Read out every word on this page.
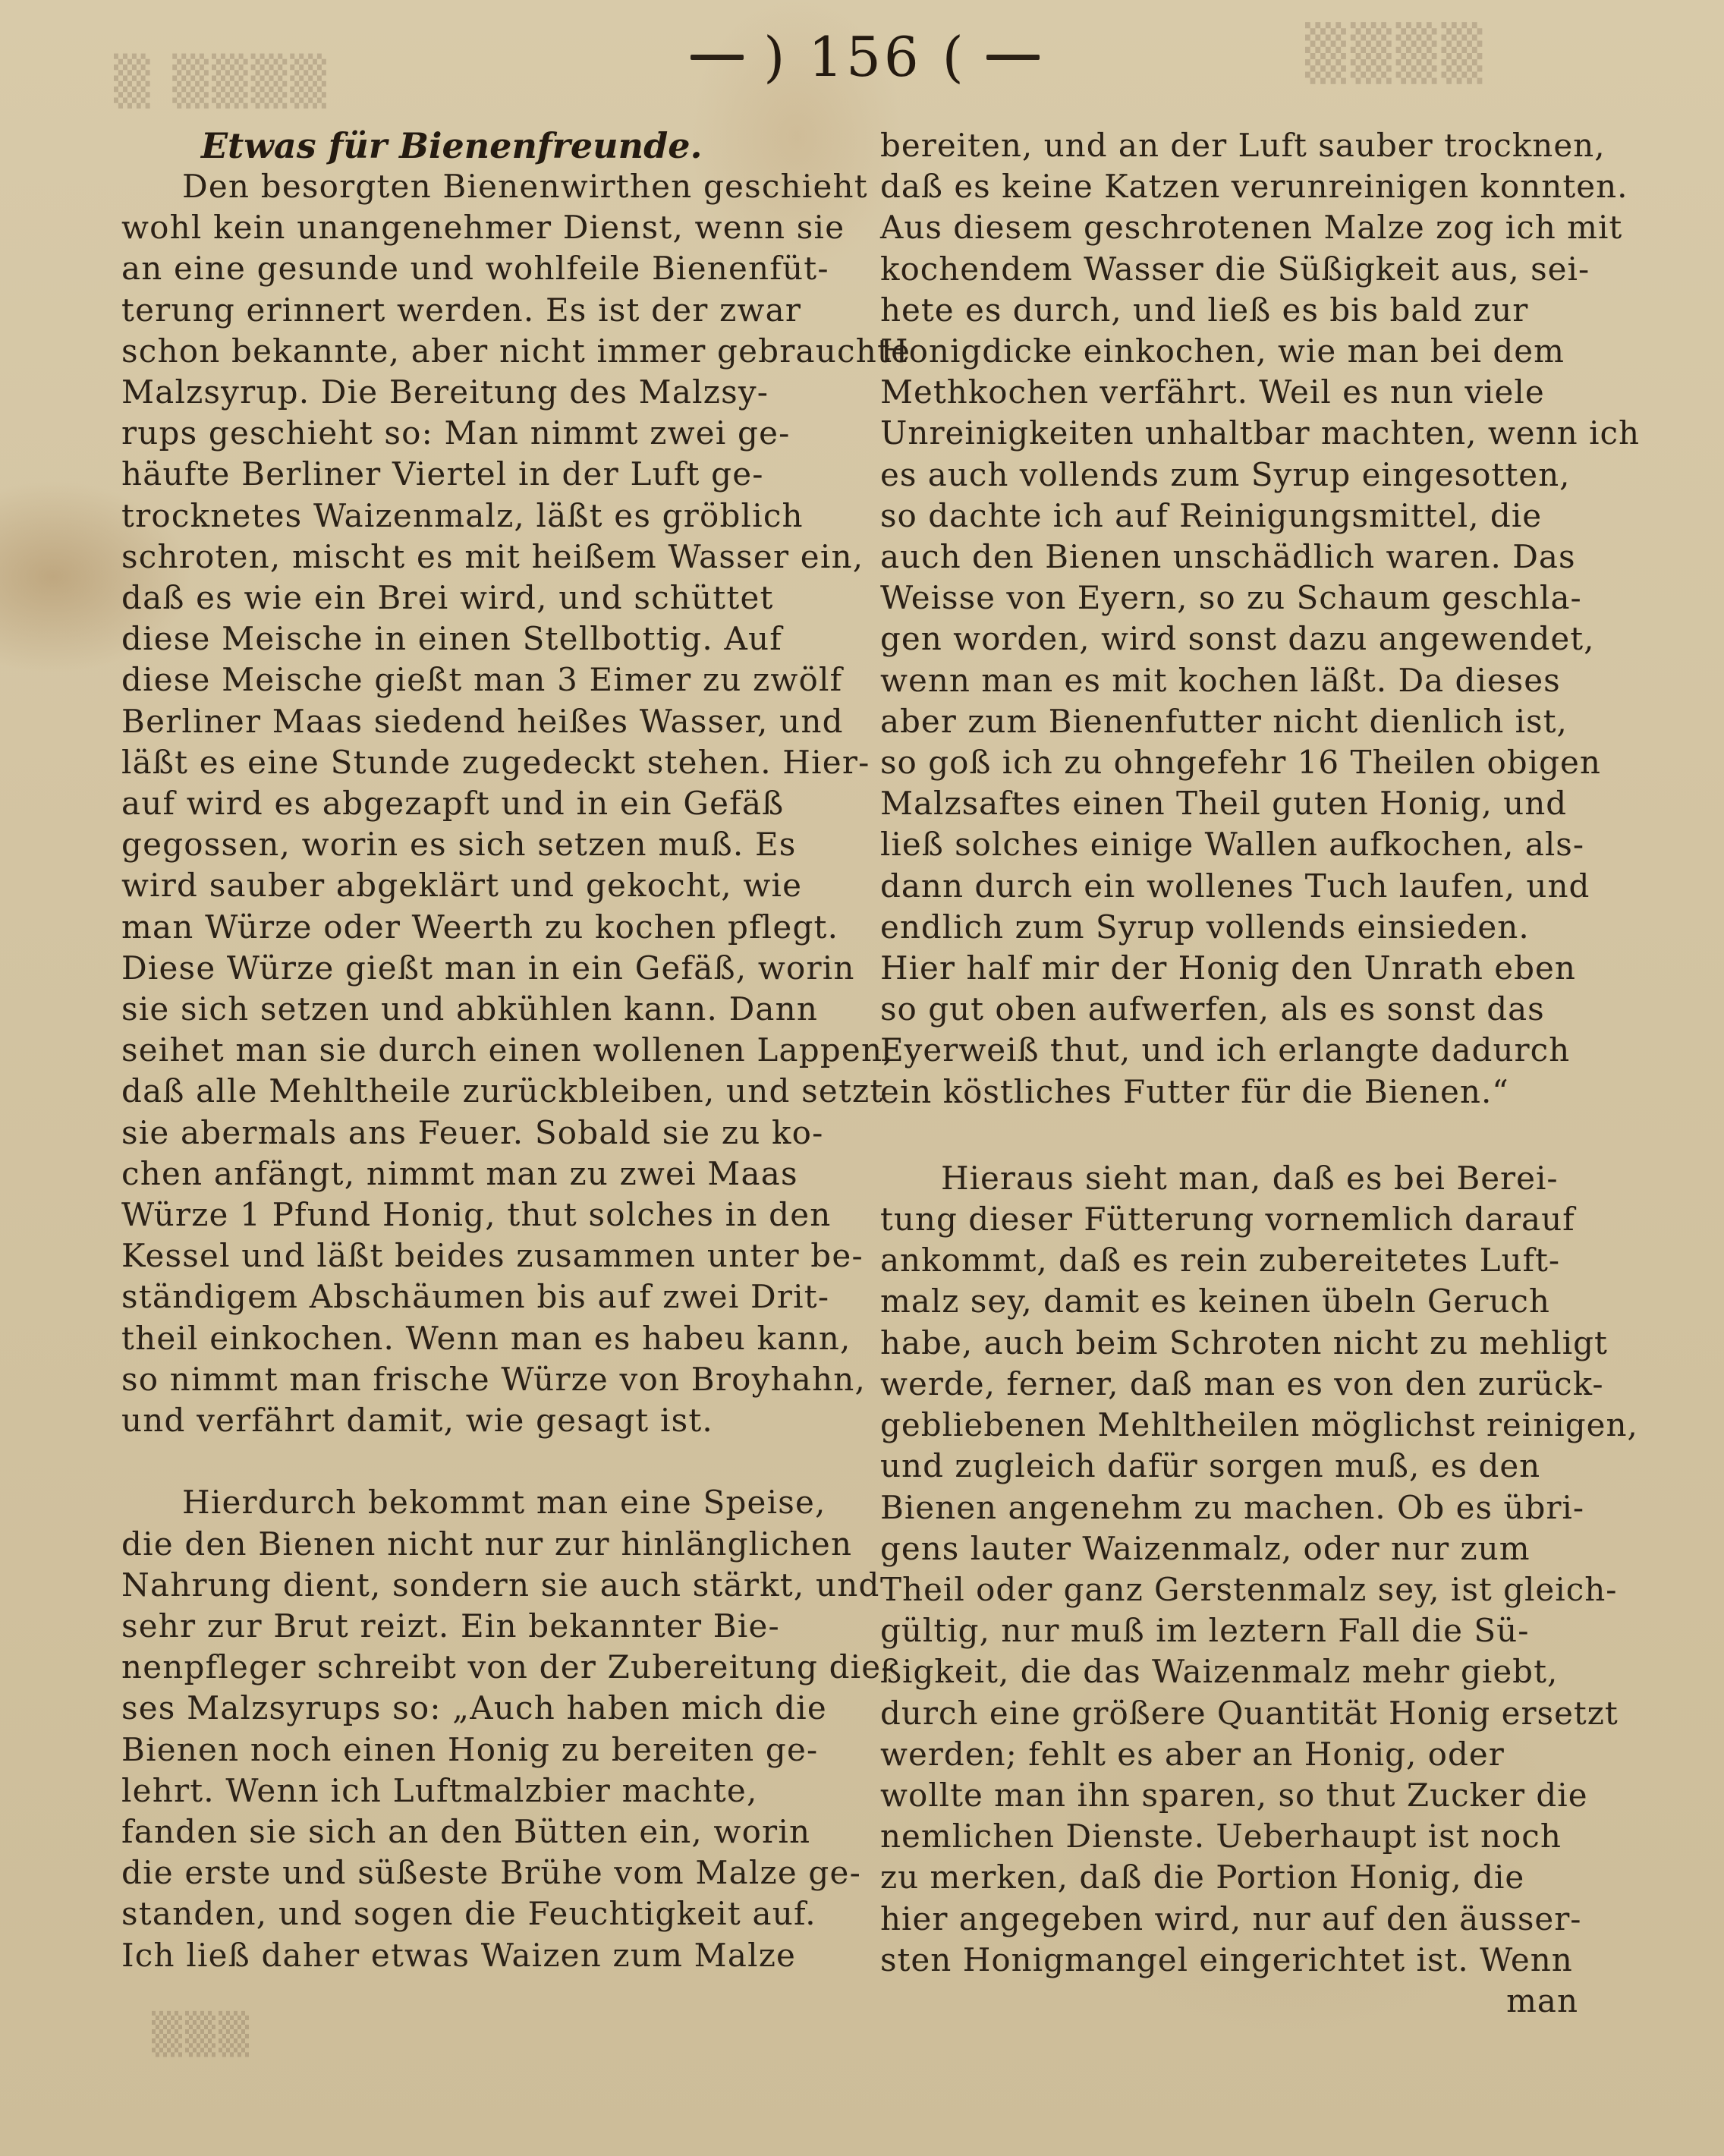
▒ ▒▒▒▒	▒▒▒▒
▒▒▒
) 156 (
Etwas für Bienenfreunde.
Den besorgten Bienenwirthen geschieht
wohl kein unangenehmer Dienst, wenn sie
an eine gesunde und wohlfeile Bienenfüt-
terung erinnert werden. Es ist der zwar
schon bekannte, aber nicht immer gebrauchte
Malzsyrup. Die Bereitung des Malzsy-
rups geschieht so: Man nimmt zwei ge-
häufte Berliner Viertel in der Luft ge-
trocknetes Waizenmalz, läßt es gröblich
schroten, mischt es mit heißem Wasser ein,
daß es wie ein Brei wird, und schüttet
diese Meische in einen Stellbottig. Auf
diese Meische gießt man 3 Eimer zu zwölf
Berliner Maas siedend heißes Wasser, und
läßt es eine Stunde zugedeckt stehen. Hier-
auf wird es abgezapft und in ein Gefäß
gegossen, worin es sich setzen muß. Es
wird sauber abgeklärt und gekocht, wie
man Würze oder Weerth zu kochen pflegt.
Diese Würze gießt man in ein Gefäß, worin
sie sich setzen und abkühlen kann. Dann
seihet man sie durch einen wollenen Lappen,
daß alle Mehltheile zurückbleiben, und setzt
sie abermals ans Feuer. Sobald sie zu ko-
chen anfängt, nimmt man zu zwei Maas
Würze 1 Pfund Honig, thut solches in den
Kessel und läßt beides zusammen unter be-
ständigem Abschäumen bis auf zwei Drit-
theil einkochen. Wenn man es habeu kann,
so nimmt man frische Würze von Broyhahn,
und verfährt damit, wie gesagt ist.
Hierdurch bekommt man eine Speise,
die den Bienen nicht nur zur hinlänglichen
Nahrung dient, sondern sie auch stärkt, und
sehr zur Brut reizt. Ein bekannter Bie-
nenpfleger schreibt von der Zubereitung die-
ses Malzsyrups so: „Auch haben mich die
Bienen noch einen Honig zu bereiten ge-
lehrt. Wenn ich Luftmalzbier machte,
fanden sie sich an den Bütten ein, worin
die erste und süßeste Brühe vom Malze ge-
standen, und sogen die Feuchtigkeit auf.
Ich ließ daher etwas Waizen zum Malze
bereiten, und an der Luft sauber trocknen,
daß es keine Katzen verunreinigen konnten.
Aus diesem geschrotenen Malze zog ich mit
kochendem Wasser die Süßigkeit aus, sei-
hete es durch, und ließ es bis bald zur
Honigdicke einkochen, wie man bei dem
Methkochen verfährt. Weil es nun viele
Unreinigkeiten unhaltbar machten, wenn ich
es auch vollends zum Syrup eingesotten,
so dachte ich auf Reinigungsmittel, die
auch den Bienen unschädlich waren. Das
Weisse von Eyern, so zu Schaum geschla-
gen worden, wird sonst dazu angewendet,
wenn man es mit kochen läßt. Da dieses
aber zum Bienenfutter nicht dienlich ist,
so goß ich zu ohngefehr 16 Theilen obigen
Malzsaftes einen Theil guten Honig, und
ließ solches einige Wallen aufkochen, als-
dann durch ein wollenes Tuch laufen, und
endlich zum Syrup vollends einsieden.
Hier half mir der Honig den Unrath eben
so gut oben aufwerfen, als es sonst das
Eyerweiß thut, und ich erlangte dadurch
ein köstliches Futter für die Bienen.“
Hieraus sieht man, daß es bei Berei-
tung dieser Fütterung vornemlich darauf
ankommt, daß es rein zubereitetes Luft-
malz sey, damit es keinen übeln Geruch
habe, auch beim Schroten nicht zu mehligt
werde, ferner, daß man es von den zurück-
gebliebenen Mehltheilen möglichst reinigen,
und zugleich dafür sorgen muß, es den
Bienen angenehm zu machen. Ob es übri-
gens lauter Waizenmalz, oder nur zum
Theil oder ganz Gerstenmalz sey, ist gleich-
gültig, nur muß im leztern Fall die Sü-
ßigkeit, die das Waizenmalz mehr giebt,
durch eine größere Quantität Honig ersetzt
werden; fehlt es aber an Honig, oder
wollte man ihn sparen, so thut Zucker die
nemlichen Dienste. Ueberhaupt ist noch
zu merken, daß die Portion Honig, die
hier angegeben wird, nur auf den äusser-
sten Honigmangel eingerichtet ist. Wenn
man
